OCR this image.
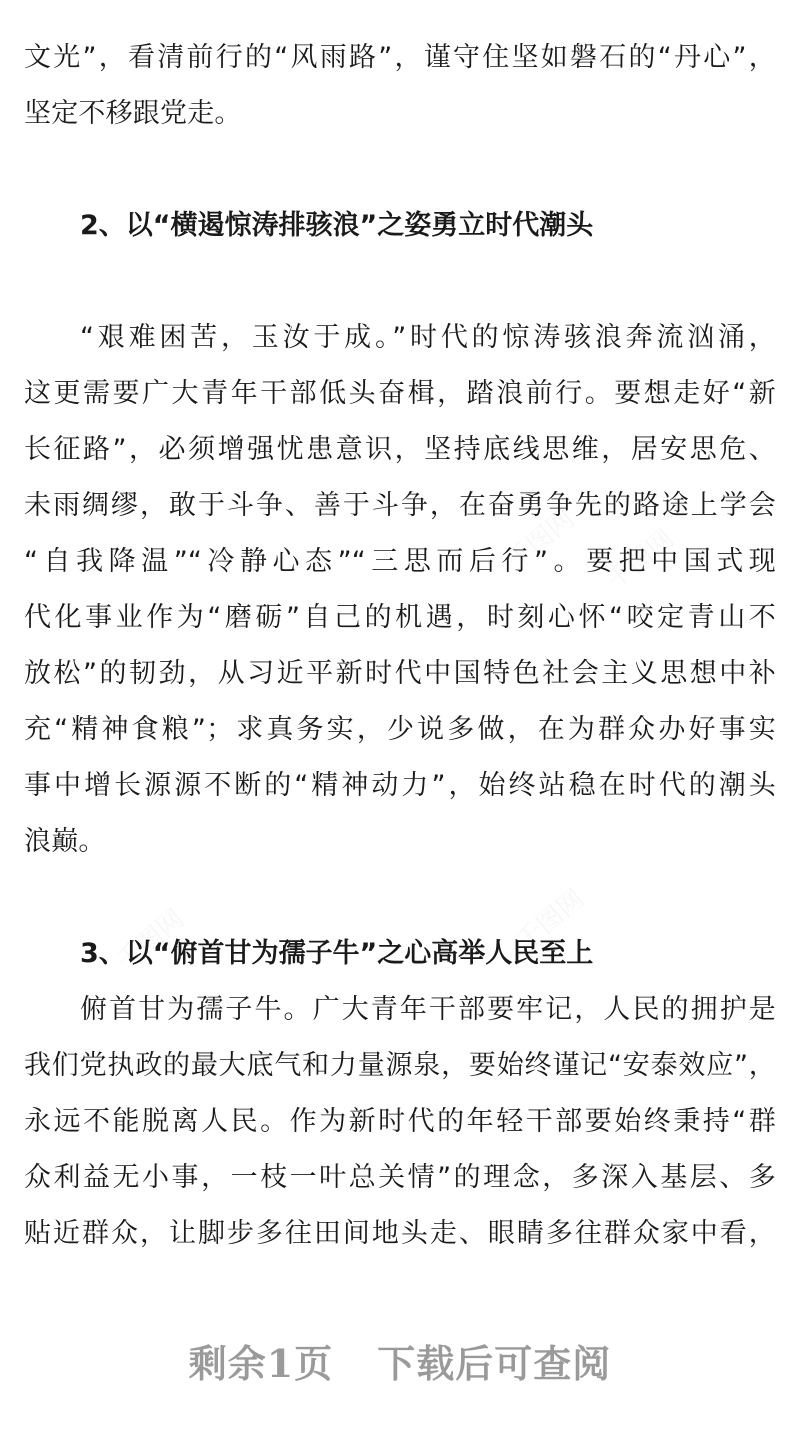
文光”，看清前行的“风雨路”，谨守住坚如磐石的“丹心”，
坚定不移跟党走。
2、以“横遏惊涛排骇浪”之姿勇立时代潮头
“艰难困苦，玉汝于成。”时代的惊涛骇浪奔流汹涌，
这更需要广大青年干部低头奋楫，踏浪前行。要想走好“新
长征路”，必须增强忧患意识，坚持底线思维，居安思危、
未雨绸缪，敢于斗争、善于斗争，在奋勇争先的路途上学会
“自我降温”“冷静心态”“三思而后行”。要把中国式现
代化事业作为“磨砺”自己的机遇，时刻心怀“咬定青山不
放松”的韧劲，从习近平新时代中国特色社会主义思想中补
充“精神食粮”；求真务实，少说多做，在为群众办好事实
事中增长源源不断的“精神动力”，始终站稳在时代的潮头
浪巅。
3、以“俯首甘为孺子牛”之心高举人民至上
俯首甘为孺子牛。广大青年干部要牢记，人民的拥护是
我们党执政的最大底气和力量源泉，要始终谨记“安泰效应”，
永远不能脱离人民。作为新时代的年轻干部要始终秉持“群
众利益无小事，一枝一叶总关情”的理念，多深入基层、多
贴近群众，让脚步多往田间地头走、眼睛多往群众家中看，
剩余1页 下载后可查阅
